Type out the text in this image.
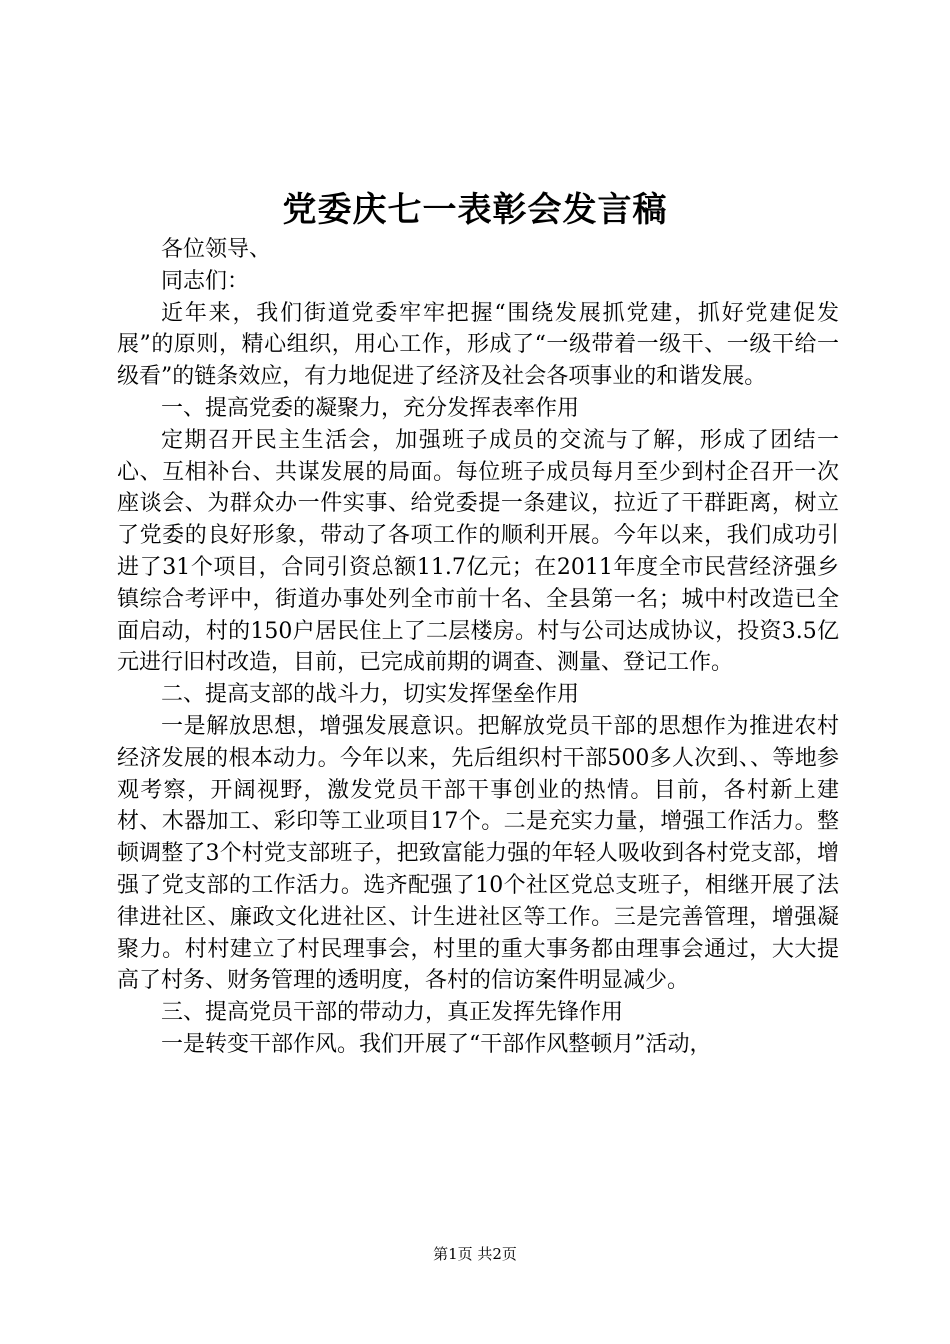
党委庆七一表彰会发言稿

各位领导、

同志们：

近年来，我们街道党委牢牢把握“围绕发展抓党建，抓好党建促发展”的原则，精心组织，用心工作，形成了“一级带着一级干、一级干给一级看”的链条效应，有力地促进了经济及社会各项事业的和谐发展。

一、提高党委的凝聚力，充分发挥表率作用

定期召开民主生活会，加强班子成员的交流与了解，形成了团结一心、互相补台、共谋发展的局面。每位班子成员每月至少到村企召开一次座谈会、为群众办一件实事、给党委提一条建议，拉近了干群距离，树立了党委的良好形象，带动了各项工作的顺利开展。今年以来，我们成功引进了31个项目，合同引资总额11.7亿元；在2011年度全市民营经济强乡镇综合考评中，街道办事处列全市前十名、全县第一名；城中村改造已全面启动，村的150户居民住上了二层楼房。村与公司达成协议，投资3.5亿元进行旧村改造，目前，已完成前期的调查、测量、登记工作。

二、提高支部的战斗力，切实发挥堡垒作用

一是解放思想，增强发展意识。把解放党员干部的思想作为推进农村经济发展的根本动力。今年以来，先后组织村干部500多人次到、、等地参观考察，开阔视野，激发党员干部干事创业的热情。目前，各村新上建材、木器加工、彩印等工业项目17个。二是充实力量，增强工作活力。整顿调整了3个村党支部班子，把致富能力强的年轻人吸收到各村党支部，增强了党支部的工作活力。选齐配强了10个社区党总支班子，相继开展了法律进社区、廉政文化进社区、计生进社区等工作。三是完善管理，增强凝聚力。村村建立了村民理事会，村里的重大事务都由理事会通过，大大提高了村务、财务管理的透明度，各村的信访案件明显减少。

三、提高党员干部的带动力，真正发挥先锋作用

一是转变干部作风。我们开展了“干部作风整顿月”活动，

第1页 共2页
